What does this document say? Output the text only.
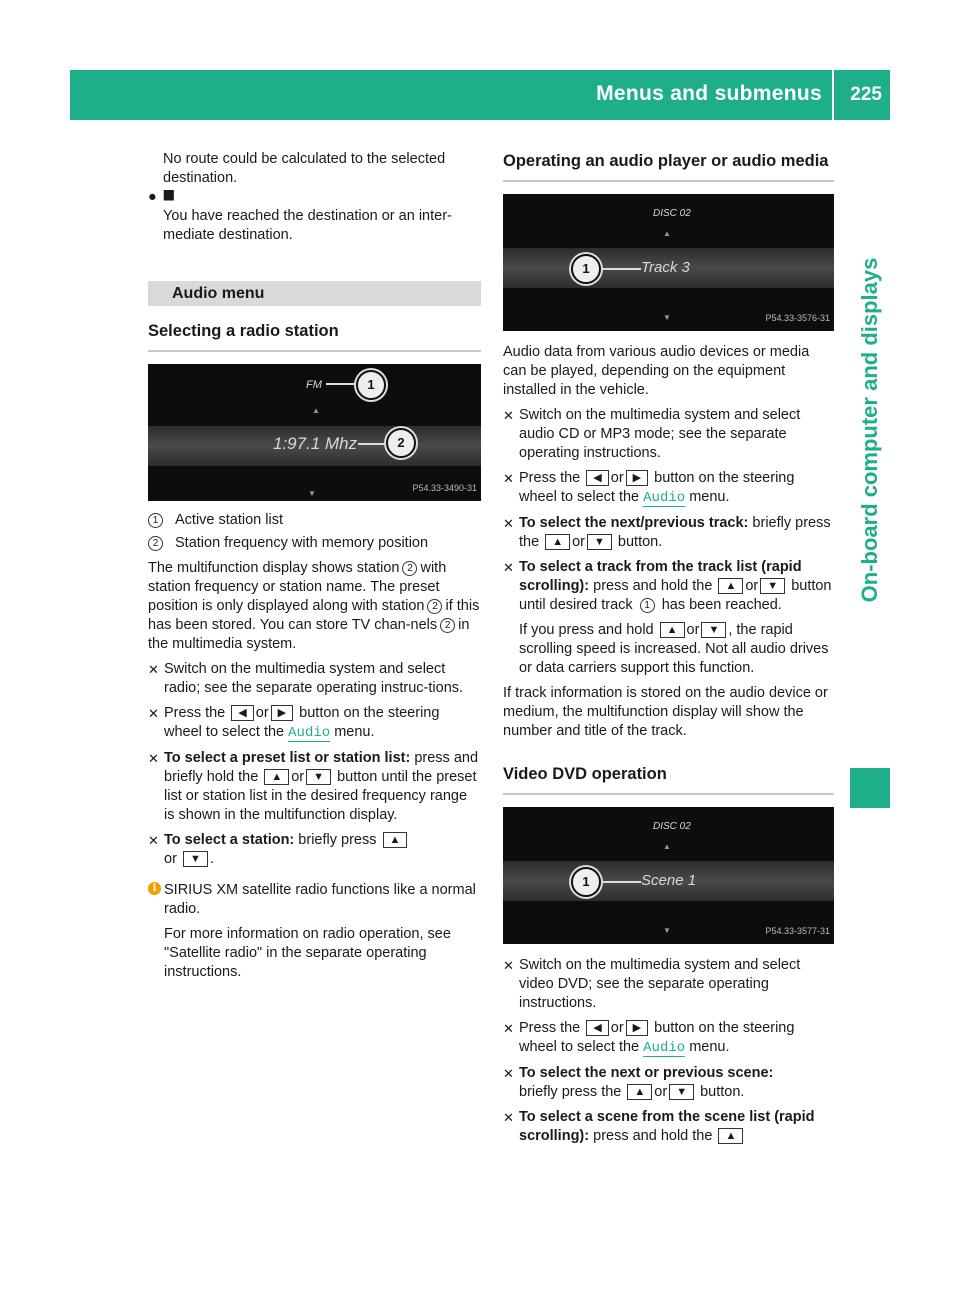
Menus and submenus 225
On-board computer and displays

No route could be calculated to the selected destination.

● ⯀

You have reached the destination or an inter-mediate destination.

Audio menu
Selecting a radio station
FM
▲
1
1:97.1 Mhz	2
▼
P54.33-3490-31
1	Active station list
2	Station frequency with memory position

The multifunction display shows station 2 with station frequency or station name. The preset position is only displayed along with station 2 if this has been stored. You can store TV chan-nels 2 in the multimedia system.

✕ Switch on the multimedia system and select radio; see the separate operating instruc-tions.
✕ Press the ◀ or ▶ button on the steering wheel to select the Audio menu.
✕ To select a preset list or station list: press and briefly hold the ▲ or ▼ button until the preset list or station list in the desired frequency range is shown in the multifunction display.
✕ To select a station: briefly press ▲
or ▼ .
i SIRIUS XM satellite radio functions like a normal radio.

For more information on radio operation, see "Satellite radio" in the separate operating instructions.

Operating an audio player or audio media
DISC 02
▲
1	Track 3
▼	P54.33-3576-31

Audio data from various audio devices or media can be played, depending on the equipment installed in the vehicle.

✕ Switch on the multimedia system and select audio CD or MP3 mode; see the separate operating instructions.
✕ Press the ◀ or ▶ button on the steering wheel to select the Audio menu.
✕ To select the next/previous track: briefly press the ▲ or ▼ button.
✕ To select a track from the track list (rapid scrolling): press and hold the ▲ or ▼ button until desired track 1 has been reached.

If you press and hold ▲ or ▼ , the rapid scrolling speed is increased. Not all audio drives or data carriers support this function.

If track information is stored on the audio device or medium, the multifunction display will show the number and title of the track.

Video DVD operation
DISC 02
▲
1	Scene 1
▼	P54.33-3577-31
✕ Switch on the multimedia system and select video DVD; see the separate operating instructions.
✕ Press the ◀ or ▶ button on the steering wheel to select the Audio menu.
✕ To select the next or previous scene:
briefly press the ▲ or ▼ button.
✕ To select a scene from the scene list (rapid scrolling): press and hold the ▲
